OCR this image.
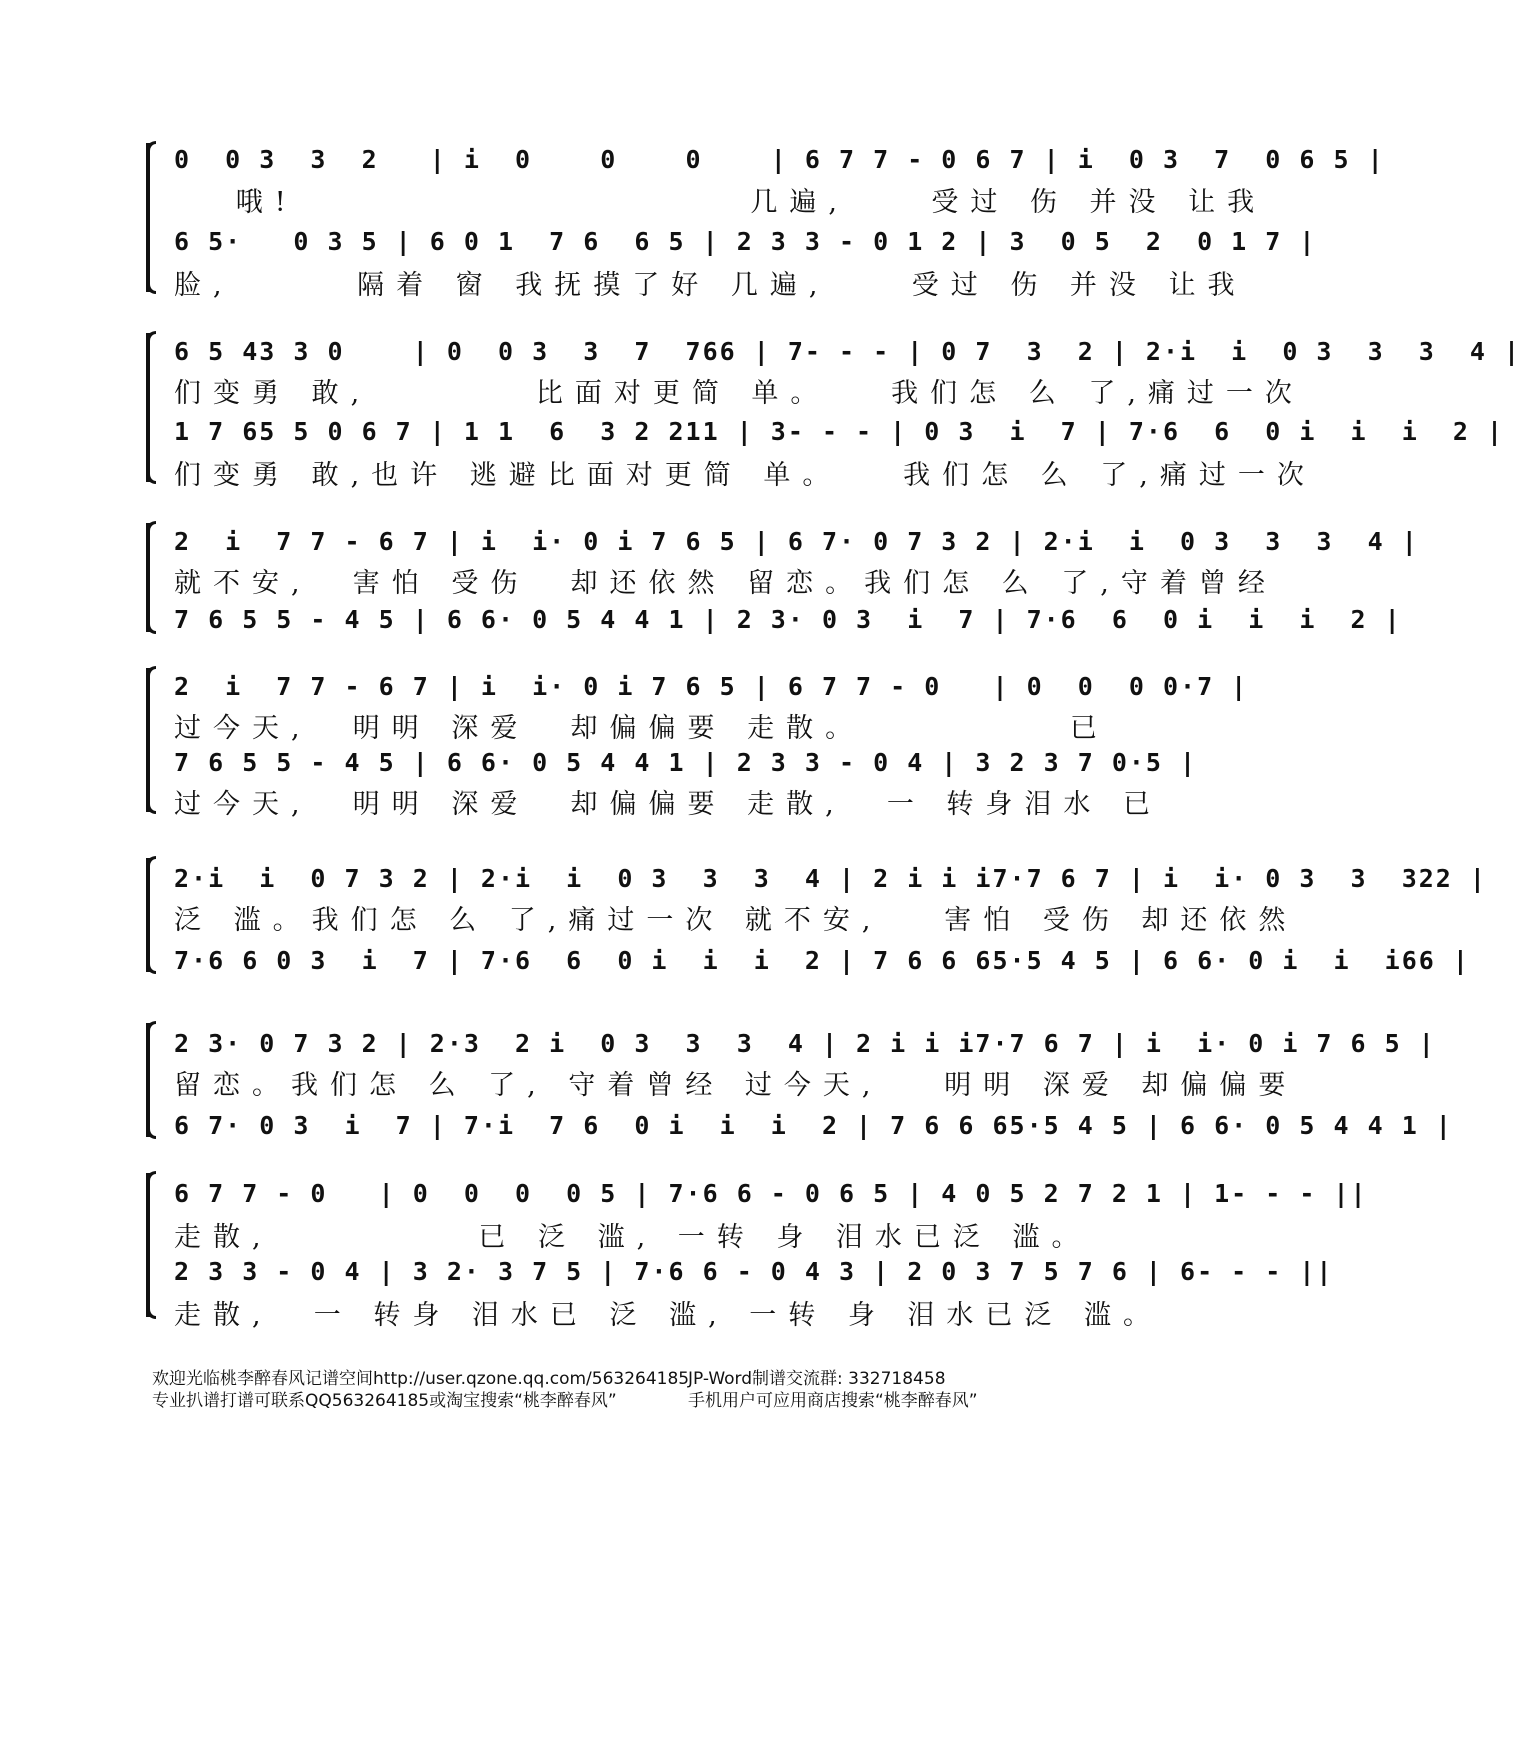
0  0 3  3  2   | i  0    0    0    | 6 7 7 - 0 6 7 | i  0 3  7  0 6 5 |
哦!                      几遍,    受过 伤 并没 让我
6 5·   0 3 5 | 6 0 1  7 6  6 5 | 2 3 3 - 0 1 2 | 3  0 5  2  0 1 7 |
脸,      隔着 窗 我抚摸了好 几遍,    受过 伤 并没 让我
6 5 43 3 0    | 0  0 3  3  7  766 | 7- - - | 0 7  3  2 | 2·i  i  0 3  3  3  4 |
们变勇 敢,        比面对更简 单。   我们怎 么 了,痛过一次
1 7 65 5 0 6 7 | 1 1  6  3 2 211 | 3- - - | 0 3  i  7 | 7·6  6  0 i  i  i  2 |
们变勇 敢,也许 逃避比面对更简 单。   我们怎 么 了,痛过一次
2  i  7 7 - 6 7 | i  i· 0 i 7 6 5 | 6 7· 0 7 3 2 | 2·i  i  0 3  3  3  4 |
就不安,  害怕 受伤  却还依然 留恋。我们怎 么 了,守着曾经
7 6 5 5 - 4 5 | 6 6· 0 5 4 4 1 | 2 3· 0 3  i  7 | 7·6  6  0 i  i  i  2 |
2  i  7 7 - 6 7 | i  i· 0 i 7 6 5 | 6 7 7 - 0   | 0  0  0 0·7 |
过今天,  明明 深爱  却偏偏要 走散。          已
7 6 5 5 - 4 5 | 6 6· 0 5 4 4 1 | 2 3 3 - 0 4 | 3 2 3 7 0·5 |
过今天,  明明 深爱  却偏偏要 走散,  一 转身泪水 已
2·i  i  0 7 3 2 | 2·i  i  0 3  3  3  4 | 2 i i i7·7 6 7 | i  i· 0 3  3  322 |
泛 滥。我们怎 么 了,痛过一次 就不安,   害怕 受伤 却还依然
7·6 6 0 3  i  7 | 7·6  6  0 i  i  i  2 | 7 6 6 65·5 4 5 | 6 6· 0 i  i  i66 |
2 3· 0 7 3 2 | 2·3  2 i  0 3  3  3  4 | 2 i i i7·7 6 7 | i  i· 0 i 7 6 5 |
留恋。我们怎 么 了, 守着曾经 过今天,   明明 深爱 却偏偏要
6 7· 0 3  i  7 | 7·i  7 6  0 i  i  i  2 | 7 6 6 65·5 4 5 | 6 6· 0 5 4 4 1 |
6 7 7 - 0   | 0  0  0  0 5 | 7·6 6 - 0 6 5 | 4 0 5 2 7 2 1 | 1- - - ||
走散,          已 泛 滥, 一转 身 泪水已泛 滥。
2 3 3 - 0 4 | 3 2· 3 7 5 | 7·6 6 - 0 4 3 | 2 0 3 7 5 7 6 | 6- - - ||
走散,  一 转身 泪水已 泛 滥, 一转 身 泪水已泛 滥。
欢迎光临桃李醉春风记谱空间http://user.qzone.qq.com/563264185
JP-Word制谱交流群: 332718458
专业扒谱打谱可联系QQ563264185或淘宝搜索“桃李醉春风”	手机用户可应用商店搜索“桃李醉春风”
